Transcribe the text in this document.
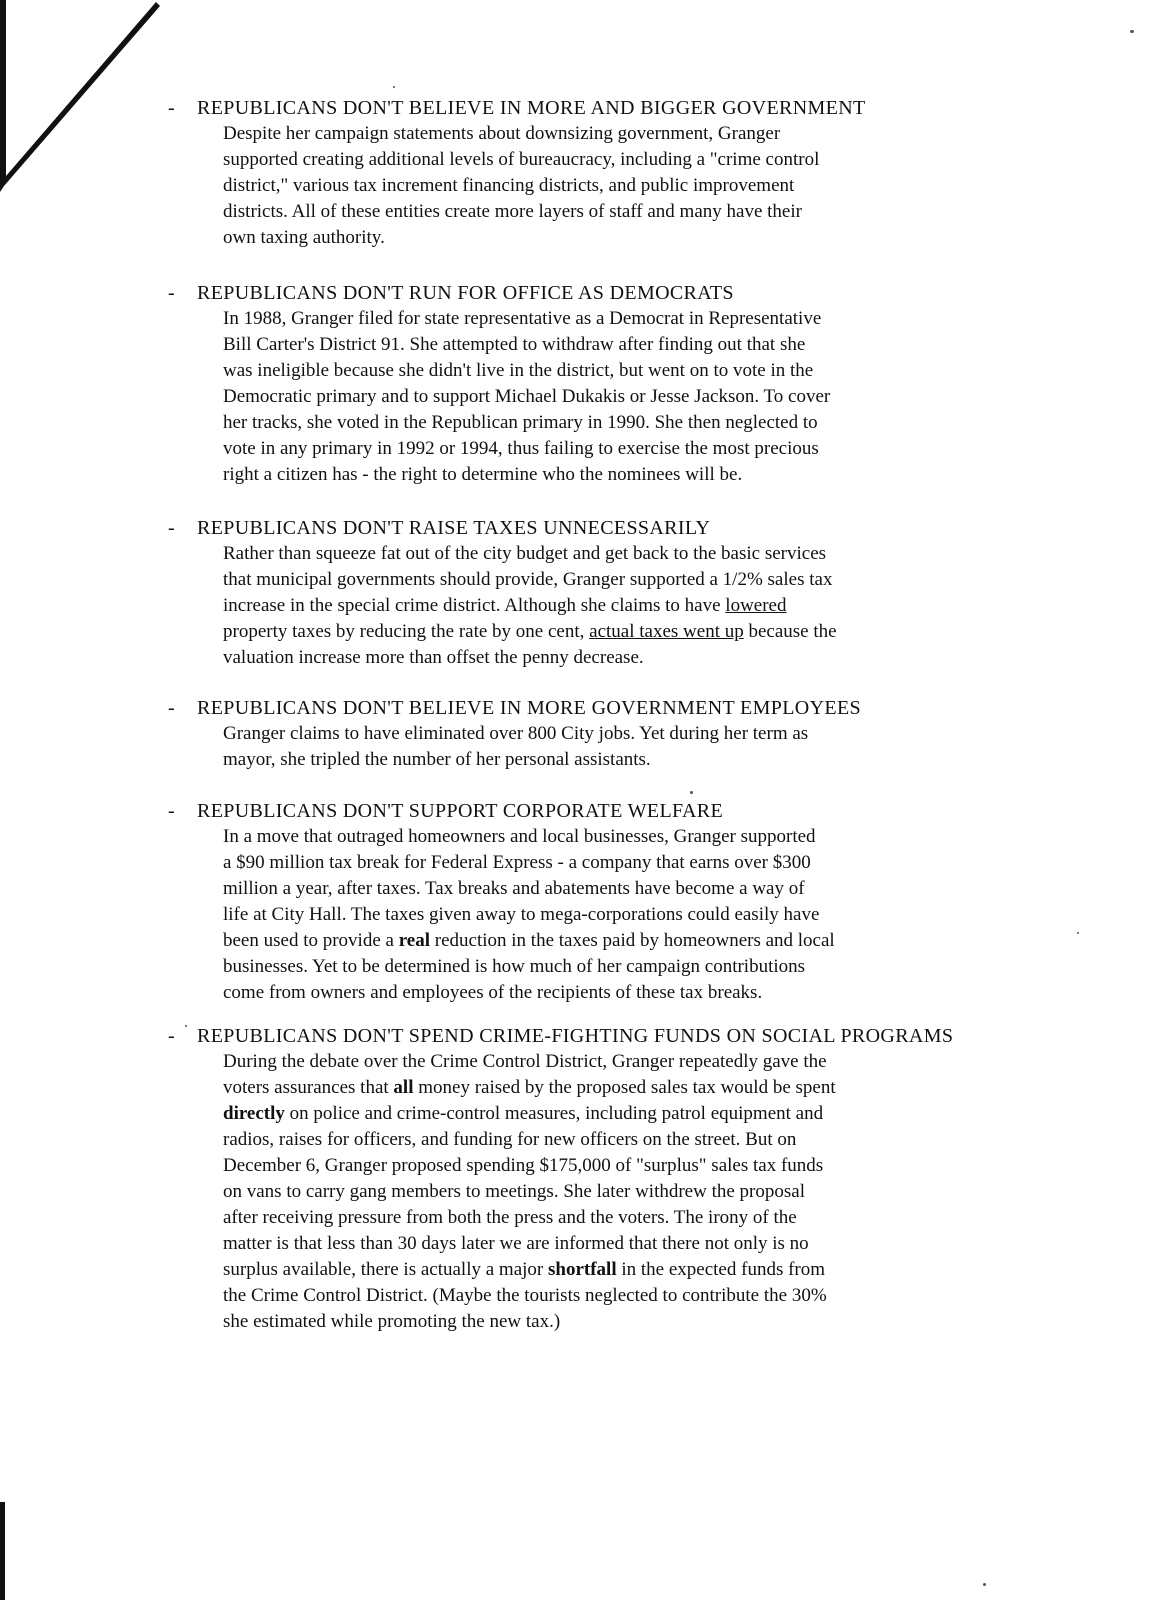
- REPUBLICANS DON'T BELIEVE IN MORE AND BIGGER GOVERNMENT
Despite her campaign statements about downsizing government, Granger
supported creating additional levels of bureaucracy, including a "crime control
district," various tax increment financing districts, and public improvement
districts. All of these entities create more layers of staff and many have their
own taxing authority.
- REPUBLICANS DON'T RUN FOR OFFICE AS DEMOCRATS
In 1988, Granger filed for state representative as a Democrat in Representative
Bill Carter's District 91. She attempted to withdraw after finding out that she
was ineligible because she didn't live in the district, but went on to vote in the
Democratic primary and to support Michael Dukakis or Jesse Jackson. To cover
her tracks, she voted in the Republican primary in 1990. She then neglected to
vote in any primary in 1992 or 1994, thus failing to exercise the most precious
right a citizen has - the right to determine who the nominees will be.
- REPUBLICANS DON'T RAISE TAXES UNNECESSARILY
Rather than squeeze fat out of the city budget and get back to the basic services
that municipal governments should provide, Granger supported a 1/2% sales tax
increase in the special crime district. Although she claims to have lowered
property taxes by reducing the rate by one cent, actual taxes went up because the
valuation increase more than offset the penny decrease.
- REPUBLICANS DON'T BELIEVE IN MORE GOVERNMENT EMPLOYEES
Granger claims to have eliminated over 800 City jobs. Yet during her term as
mayor, she tripled the number of her personal assistants.
- REPUBLICANS DON'T SUPPORT CORPORATE WELFARE
In a move that outraged homeowners and local businesses, Granger supported
a $90 million tax break for Federal Express - a company that earns over $300
million a year, after taxes. Tax breaks and abatements have become a way of
life at City Hall. The taxes given away to mega-corporations could easily have
been used to provide a real reduction in the taxes paid by homeowners and local
businesses. Yet to be determined is how much of her campaign contributions
come from owners and employees of the recipients of these tax breaks.
- REPUBLICANS DON'T SPEND CRIME-FIGHTING FUNDS ON SOCIAL PROGRAMS
During the debate over the Crime Control District, Granger repeatedly gave the
voters assurances that all money raised by the proposed sales tax would be spent
directly on police and crime-control measures, including patrol equipment and
radios, raises for officers, and funding for new officers on the street. But on
December 6, Granger proposed spending $175,000 of "surplus" sales tax funds
on vans to carry gang members to meetings. She later withdrew the proposal
after receiving pressure from both the press and the voters. The irony of the
matter is that less than 30 days later we are informed that there not only is no
surplus available, there is actually a major shortfall in the expected funds from
the Crime Control District. (Maybe the tourists neglected to contribute the 30%
she estimated while promoting the new tax.)
